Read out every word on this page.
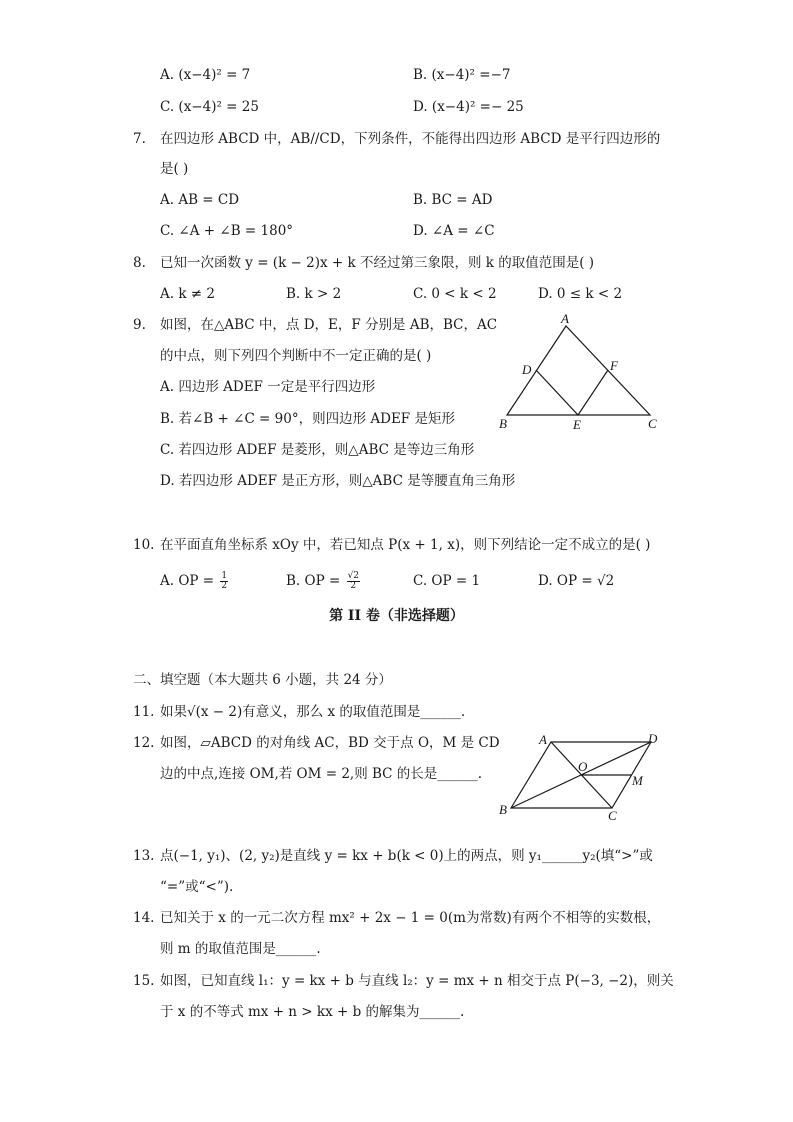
A. (x−4)² = 7	B. (x−4)² =−7
C. (x−4)² = 25	D. (x−4)² =− 25
7. 在四边形 ABCD 中，AB//CD，下列条件，不能得出四边形 ABCD 是平行四边形的
是( )
A. AB = CD	B. BC = AD
C. ∠A + ∠B = 180°	D. ∠A = ∠C
8. 已知一次函数 y = (k − 2)x + k 不经过第三象限，则 k 的取值范围是( )
A. k ≠ 2	B. k > 2	C. 0 < k < 2	D. 0 ≤ k < 2
9. 如图，在△ABC 中，点 D，E，F 分别是 AB，BC，AC
的中点，则下列四个判断中不一定正确的是( )
A. 四边形 ADEF 一定是平行四边形
B. 若∠B + ∠C = 90°，则四边形 ADEF 是矩形
C. 若四边形 ADEF 是菱形，则△ABC 是等边三角形
D. 若四边形 ADEF 是正方形，则△ABC 是等腰直角三角形
A
B	C
D
E
F
10. 在平面直角坐标系 xOy 中，若已知点 P(x + 1, x)，则下列结论一定不成立的是( )
A. OP = $\frac{1}{2}$	B. OP = $\frac{√2}{2}$	C. OP = 1	D. OP = √2
第 II 卷（非选择题）
二、填空题（本大题共 6 小题，共 24 分）
11. 如果√(x − 2)有意义，那么 x 的取值范围是______.
12. 如图，▱ABCD 的对角线 AC，BD 交于点 O，M 是 CD
边的中点,连接 OM,若 OM = 2,则 BC 的长是______.
A	D
B	C
O
M
13. 点(−1, y₁)、(2, y₂)是直线 y = kx + b(k < 0)上的两点，则 y₁______y₂(填“>”或
“=”或“<”).
14. 已知关于 x 的一元二次方程 mx² + 2x − 1 = 0(m为常数)有两个不相等的实数根，
则 m 的取值范围是______.
15. 如图，已知直线 l₁：y = kx + b 与直线 l₂：y = mx + n 相交于点 P(−3, −2)，则关
于 x 的不等式 mx + n > kx + b 的解集为______.
